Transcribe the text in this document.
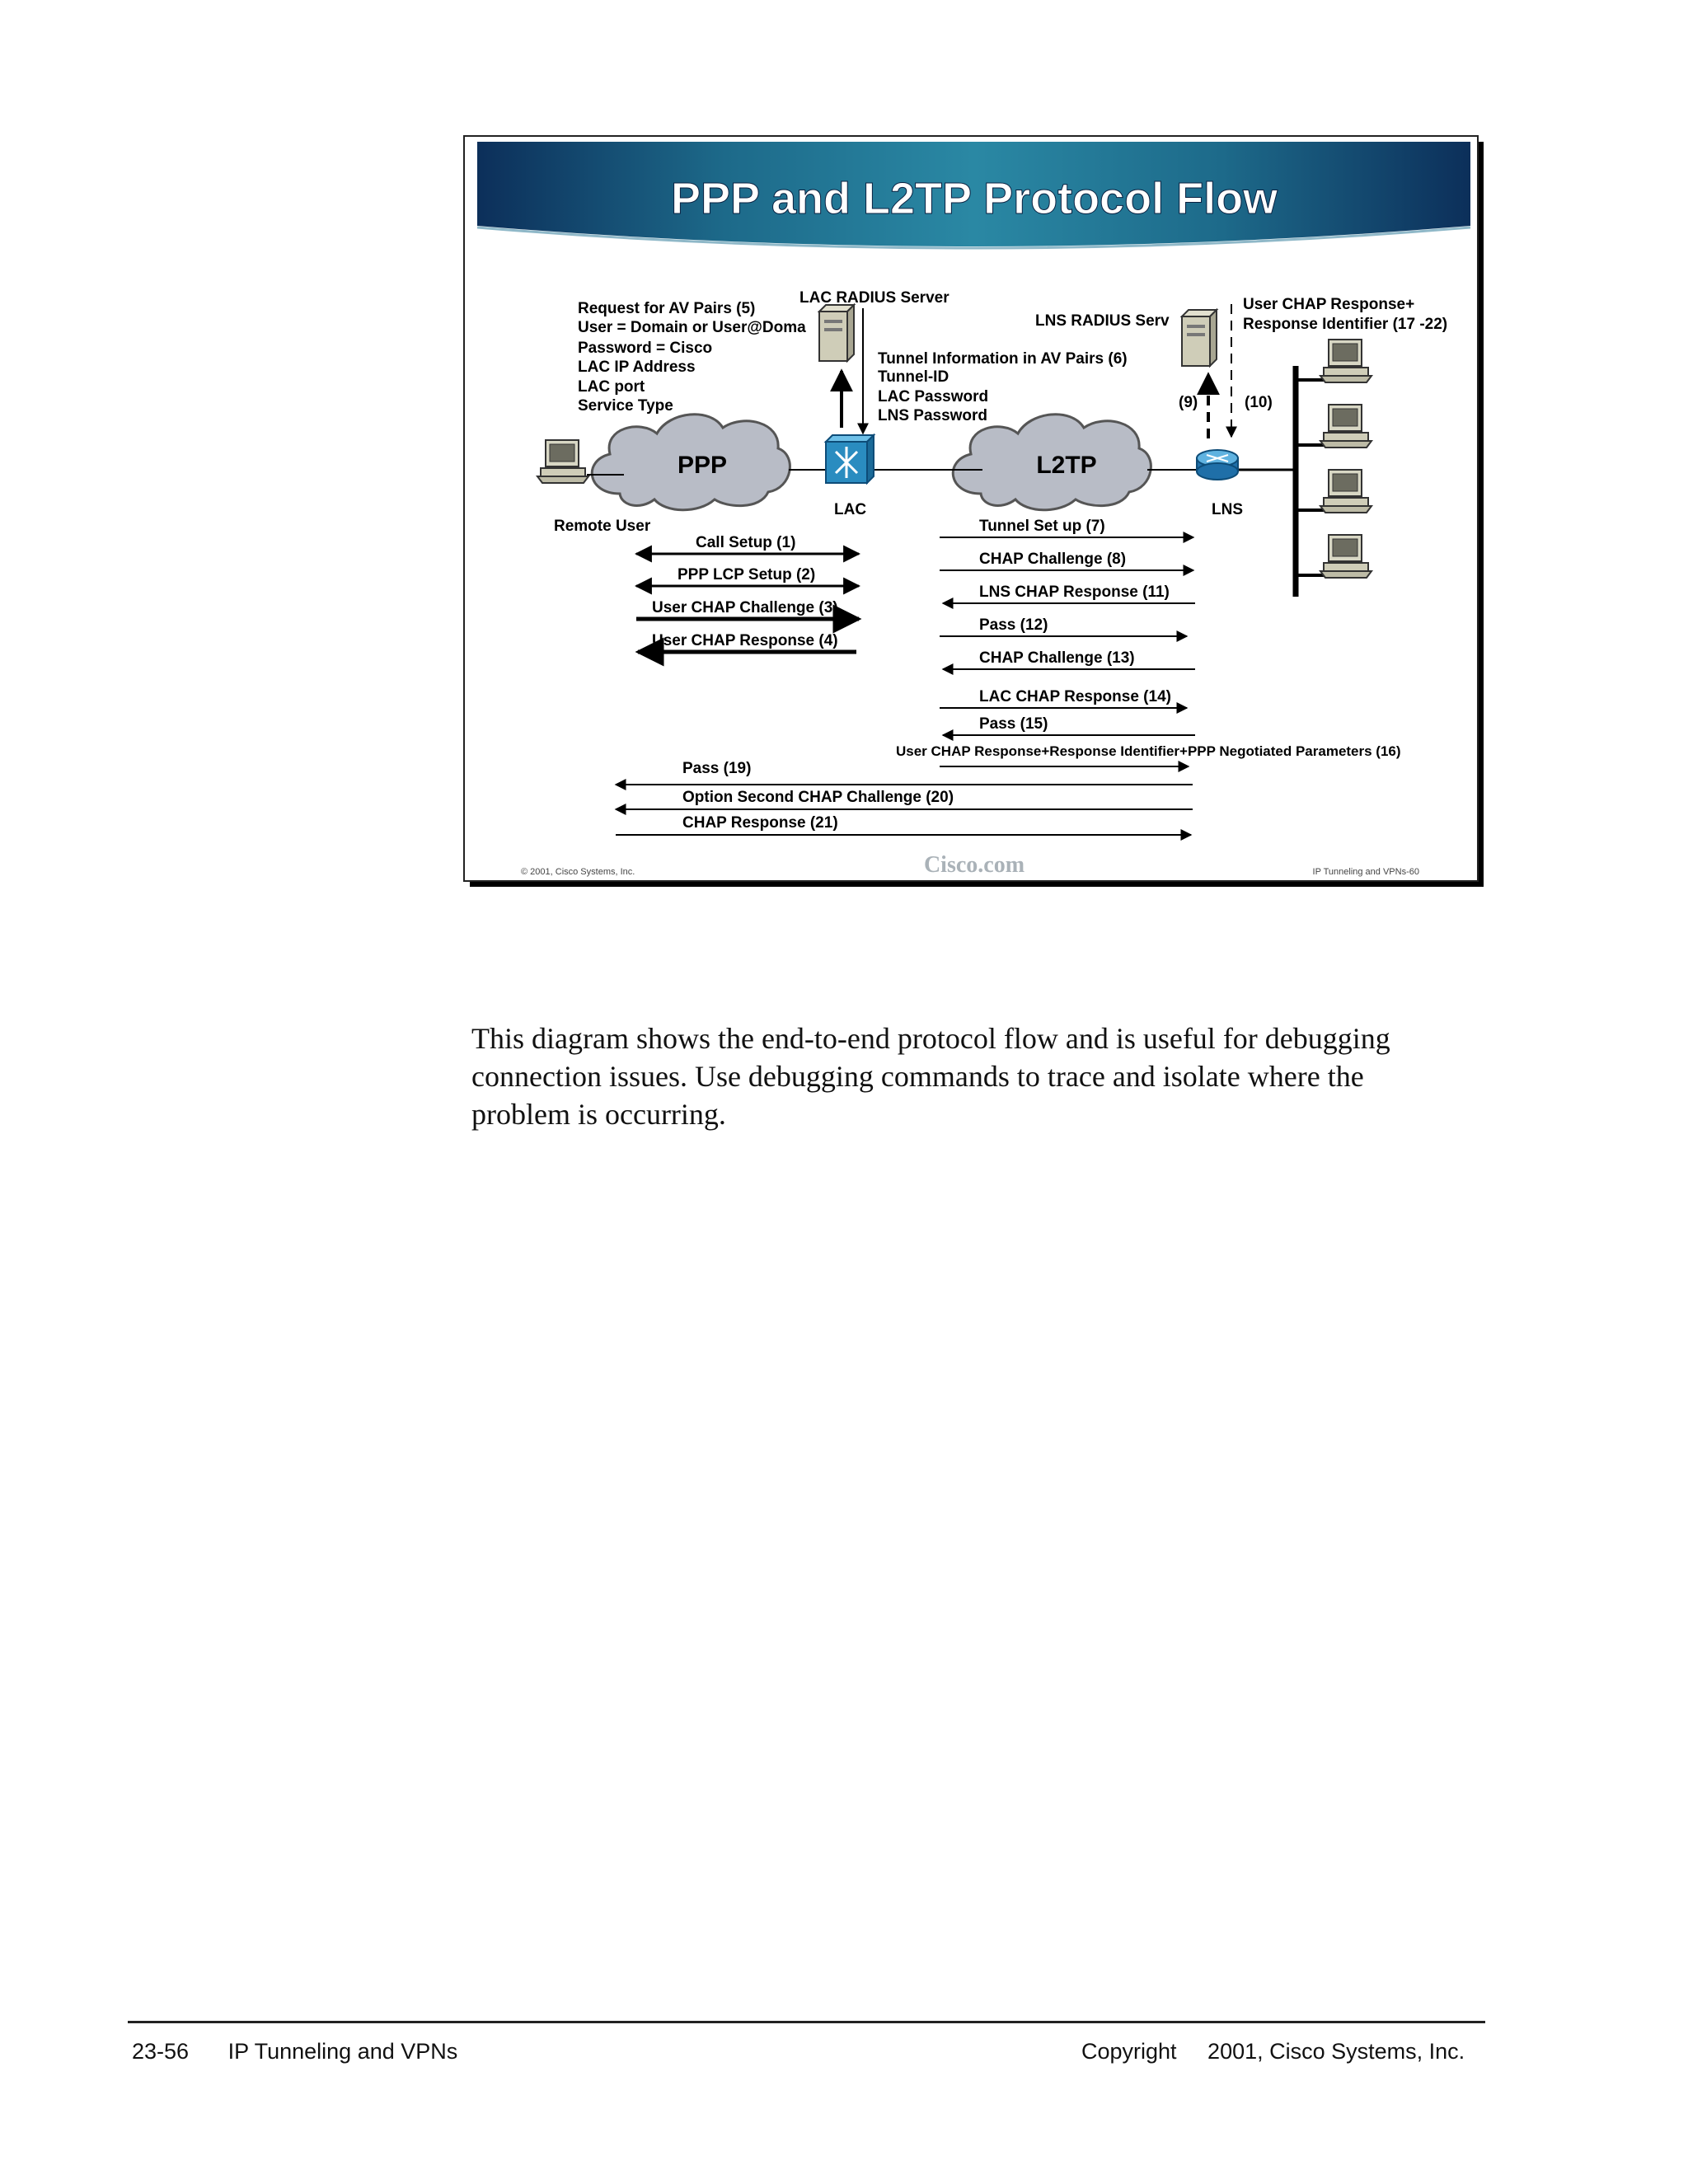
PPP and L2TP Protocol Flow
PPP	L2TP
Remote User
LAC
LAC RADIUS Server
LNS
LNS RADIUS Serv
(9)	(10)
Request for AV Pairs (5)
User = Domain or User@Doma
Password = Cisco
LAC IP Address
LAC port
Service Type
Tunnel Information in AV Pairs (6)
Tunnel-ID
LAC Password
LNS Password
User CHAP Response+
Response Identifier (17 -22)
Call Setup (1)
PPP LCP Setup (2)
User CHAP Challenge (3)
User CHAP Response (4)
Tunnel Set up (7)
CHAP Challenge (8)
LNS CHAP Response (11)
Pass (12)
CHAP Challenge (13)
LAC CHAP Response (14)
Pass (15)
User CHAP Response+Response Identifier+PPP Negotiated Parameters (16)
Pass (19)
Option Second CHAP Challenge (20)
CHAP Response (21)
© 2001, Cisco Systems, Inc.	Cisco.com	IP Tunneling and VPNs-60
This diagram shows the end-to-end protocol flow and is useful for debugging
connection issues. Use debugging commands to trace and isolate where the
problem is occurring.
23-56 IP Tunneling and VPNs	Copyright     2001, Cisco Systems, Inc.
